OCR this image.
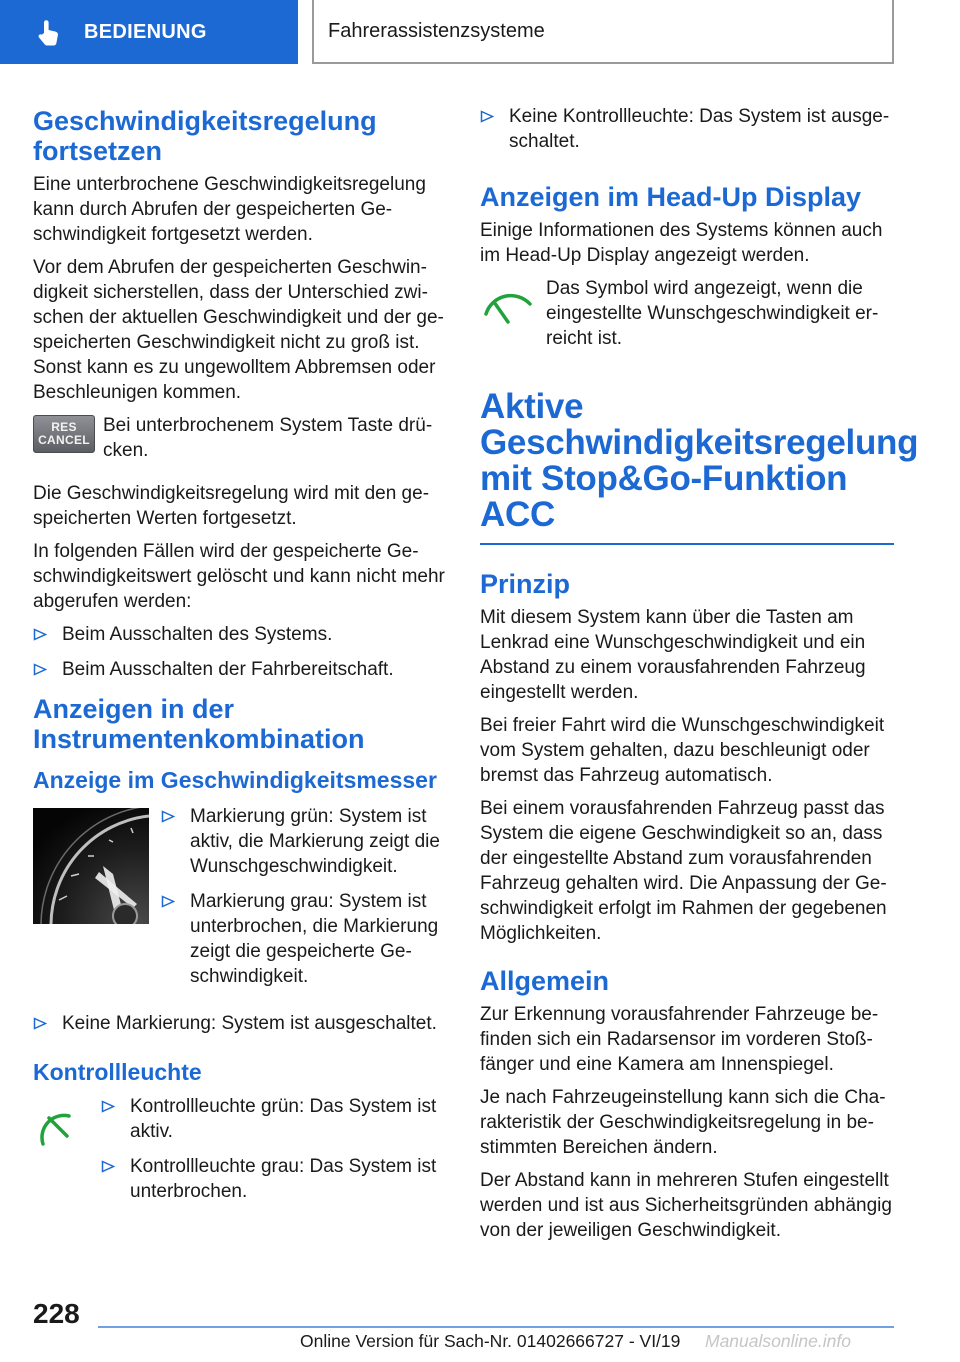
BEDIENUNG	Fahrerassistenzsysteme
Geschwindigkeitsregelung fortsetzen

Eine unterbrochene Geschwindigkeitsregelung kann durch Abrufen der gespeicherten Geschwindigkeit fortgesetzt werden.

Vor dem Abrufen der gespeicherten Geschwindigkeit sicherstellen, dass der Unterschied zwischen der aktuellen Geschwindigkeit und der gespeicherten Geschwindigkeit nicht zu groß ist. Sonst kann es zu ungewolltem Abbremsen oder Beschleunigen kommen.

RES
CANCEL

Bei unterbrochenem System Taste drücken.

Die Geschwindigkeitsregelung wird mit den gespeicherten Werten fortgesetzt.

In folgenden Fällen wird der gespeicherte Geschwindigkeitswert gelöscht und kann nicht mehr abgerufen werden:

Beim Ausschalten des Systems.
Beim Ausschalten der Fahrbereitschaft.
Anzeigen in der Instrumentenkombination
Anzeige im Geschwindigkeitsmesser
Markierung grün: System ist aktiv, die Markierung zeigt die Wunschgeschwindigkeit.
Markierung grau: System ist unterbrochen, die Markierung zeigt die gespeicherte Geschwindigkeit.
Keine Markierung: System ist ausgeschaltet.
Kontrollleuchte
Kontrollleuchte grün: Das System ist aktiv.
Kontrollleuchte grau: Das System ist unterbrochen.
Keine Kontrollleuchte: Das System ist ausgeschaltet.
Anzeigen im Head-Up Display

Einige Informationen des Systems können auch im Head-Up Display angezeigt werden.

Das Symbol wird angezeigt, wenn die eingestellte Wunschgeschwindigkeit erreicht ist.

Aktive
Geschwindigkeitsregelung
mit Stop&Go-Funktion
ACC
Prinzip

Mit diesem System kann über die Tasten am Lenkrad eine Wunschgeschwindigkeit und ein Abstand zu einem vorausfahrenden Fahrzeug eingestellt werden.

Bei freier Fahrt wird die Wunschgeschwindigkeit vom System gehalten, dazu beschleunigt oder bremst das Fahrzeug automatisch.

Bei einem vorausfahrenden Fahrzeug passt das System die eigene Geschwindigkeit so an, dass der eingestellte Abstand zum vorausfahrenden Fahrzeug gehalten wird. Die Anpassung der Geschwindigkeit erfolgt im Rahmen der gegebenen Möglichkeiten.

Allgemein

Zur Erkennung vorausfahrender Fahrzeuge befinden sich ein Radarsensor im vorderen Stoßfänger und eine Kamera am Innenspiegel.

Je nach Fahrzeugeinstellung kann sich die Charakteristik der Geschwindigkeitsregelung in bestimmten Bereichen ändern.

Der Abstand kann in mehreren Stufen eingestellt werden und ist aus Sicherheitsgründen abhängig von der jeweiligen Geschwindigkeit.

228
Online Version für Sach-Nr. 01402666727 - VI/19	Manualsonline.info
